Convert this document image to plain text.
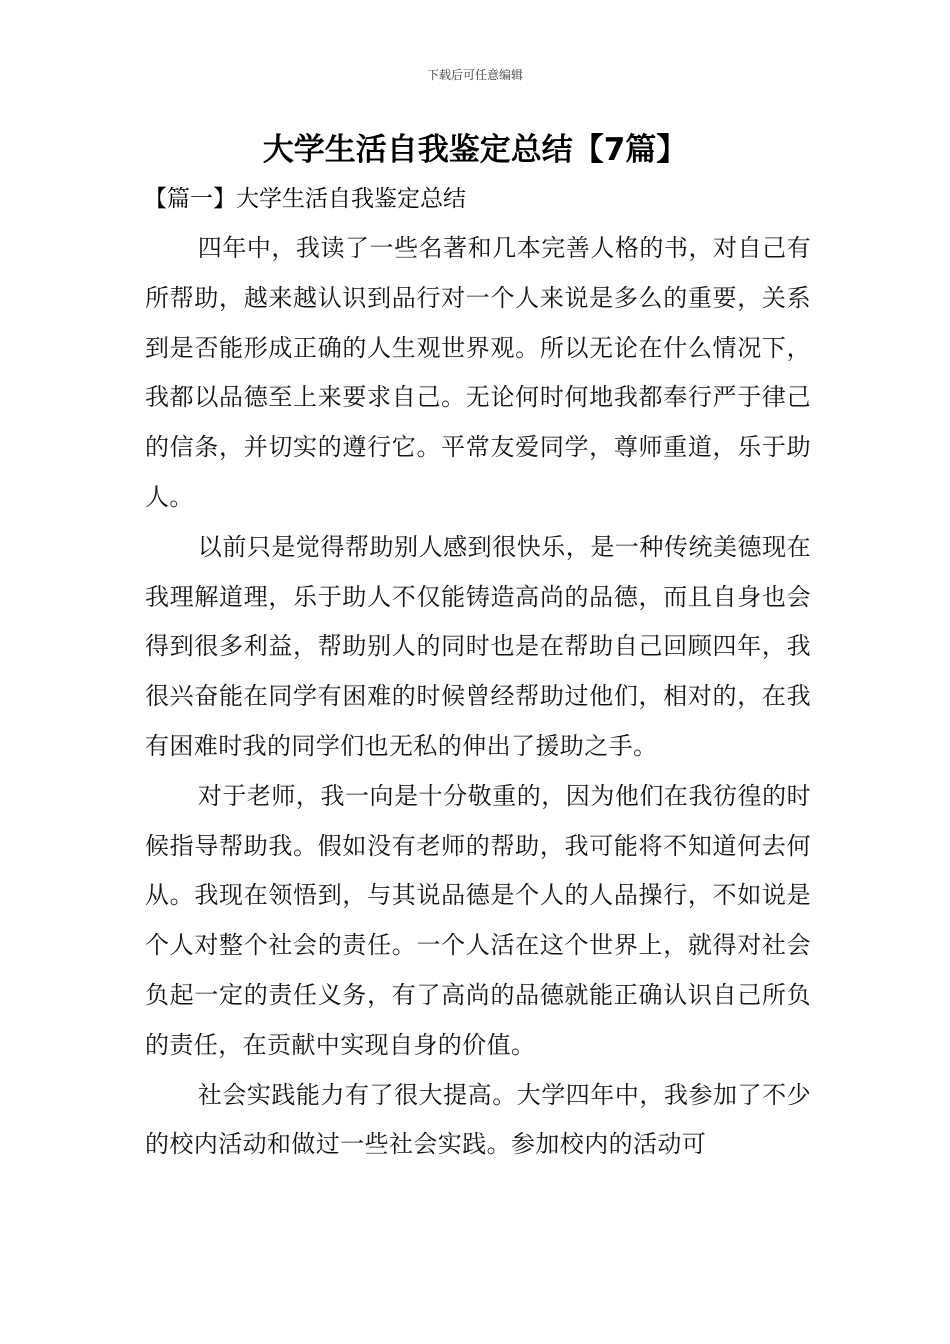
下载后可任意编辑
大学生活自我鉴定总结【7篇】
【篇一】大学生活自我鉴定总结

四年中，我读了一些名著和几本完善人格的书，对自己有所帮助，越来越认识到品行对一个人来说是多么的重要，关系到是否能形成正确的人生观世界观。所以无论在什么情况下，我都以品德至上来要求自己。无论何时何地我都奉行严于律己的信条，并切实的遵行它。平常友爱同学，尊师重道，乐于助人。

以前只是觉得帮助别人感到很快乐，是一种传统美德现在我理解道理，乐于助人不仅能铸造高尚的品德，而且自身也会得到很多利益，帮助别人的同时也是在帮助自己回顾四年，我很兴奋能在同学有困难的时候曾经帮助过他们，相对的，在我有困难时我的同学们也无私的伸出了援助之手。

对于老师，我一向是十分敬重的，因为他们在我彷徨的时候指导帮助我。假如没有老师的帮助，我可能将不知道何去何从。我现在领悟到，与其说品德是个人的人品操行，不如说是个人对整个社会的责任。一个人活在这个世界上，就得对社会负起一定的责任义务，有了高尚的品德就能正确认识自己所负的责任，在贡献中实现自身的价值。

社会实践能力有了很大提高。大学四年中，我参加了不少的校内活动和做过一些社会实践。参加校内的活动可
